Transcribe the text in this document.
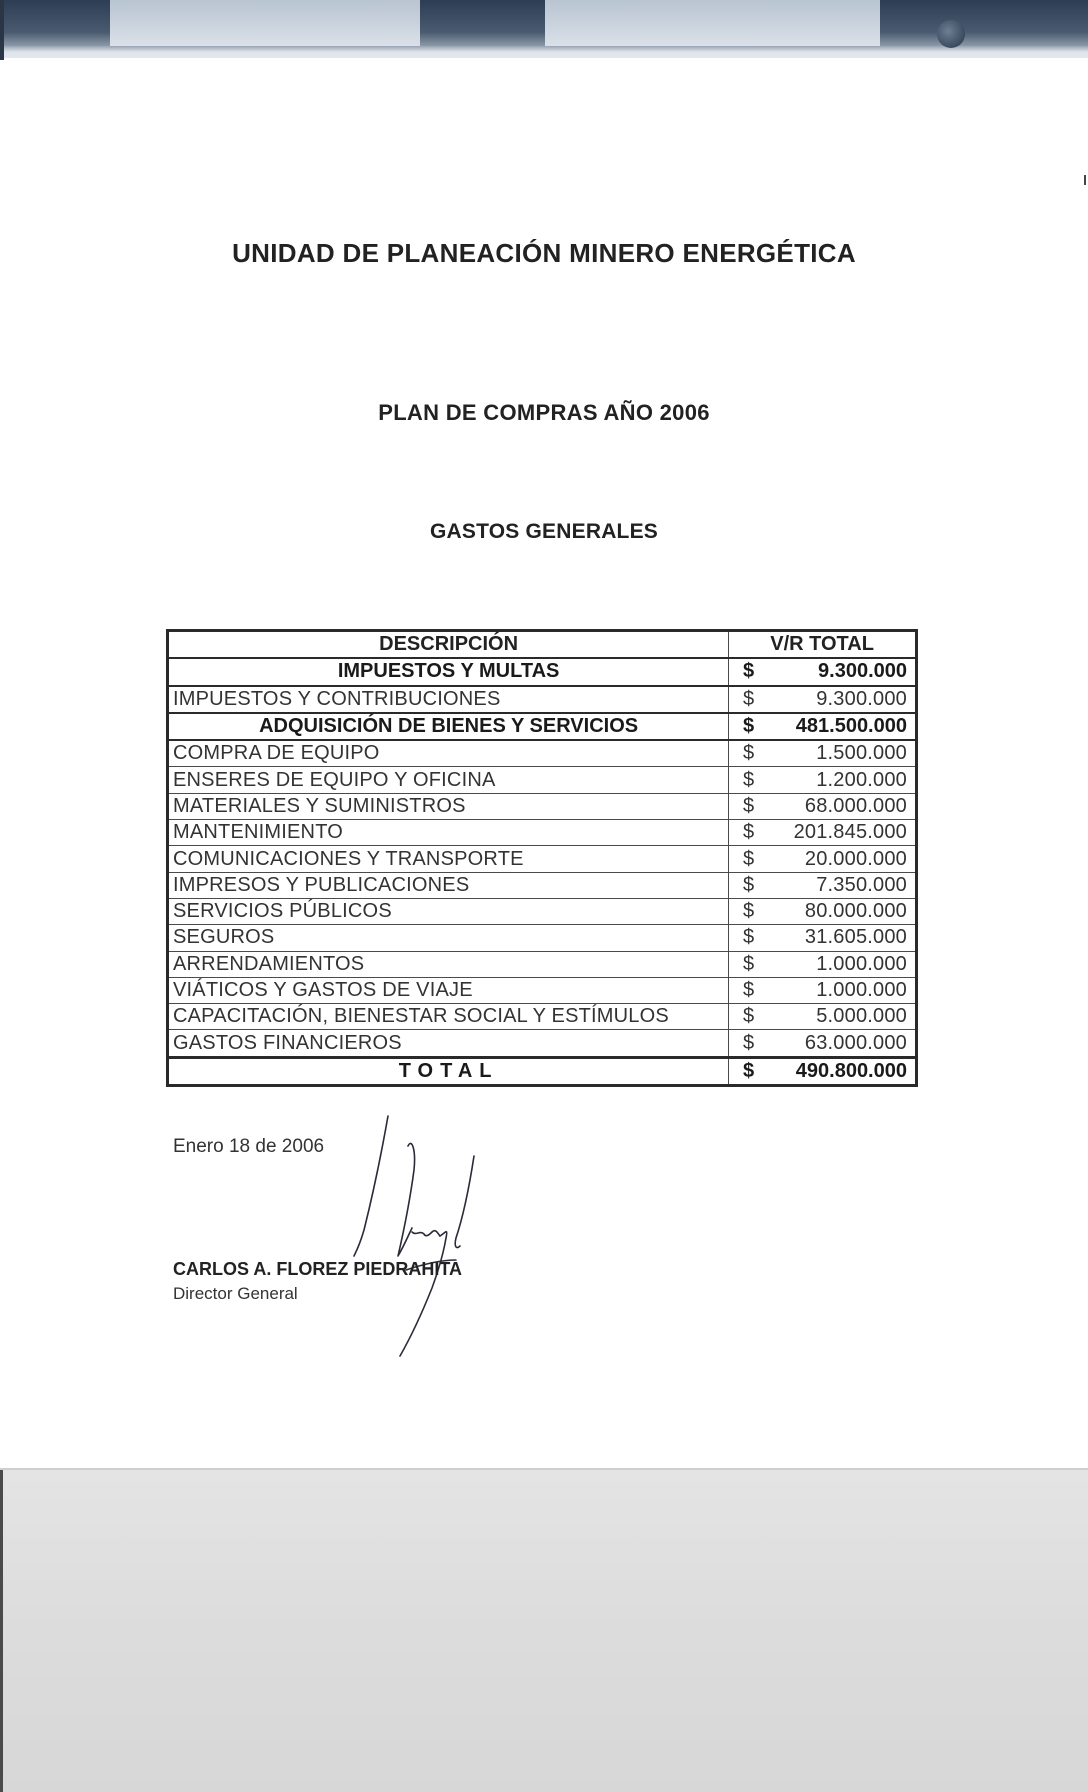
UNIDAD DE PLANEACIÓN MINERO ENERGÉTICA
PLAN DE COMPRAS AÑO 2006
GASTOS GENERALES
DESCRIPCIÓN	V/R TOTAL	
IMPUESTOS Y MULTAS	$	9.300.000
IMPUESTOS Y CONTRIBUCIONES	$	9.300.000
ADQUISICIÓN DE BIENES Y SERVICIOS	$	481.500.000
COMPRA DE EQUIPO	$	1.500.000
ENSERES DE EQUIPO Y OFICINA	$	1.200.000
MATERIALES Y SUMINISTROS	$	68.000.000
MANTENIMIENTO	$	201.845.000
COMUNICACIONES Y TRANSPORTE	$	20.000.000
IMPRESOS Y PUBLICACIONES	$	7.350.000
SERVICIOS PÚBLICOS	$	80.000.000
SEGUROS	$	31.605.000
ARRENDAMIENTOS	$	1.000.000
VIÁTICOS Y GASTOS DE VIAJE	$	1.000.000
CAPACITACIÓN, BIENESTAR SOCIAL Y ESTÍMULOS	$	5.000.000
GASTOS FINANCIEROS	$	63.000.000
TOTAL	$	490.800.000
Enero 18 de 2006
CARLOS A. FLOREZ PIEDRAHITA
Director General
